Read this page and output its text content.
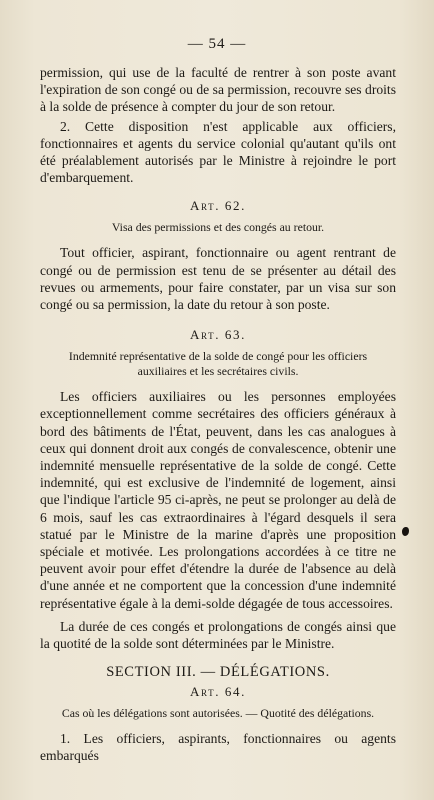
— 54 —

permission, qui use de la faculté de rentrer à son poste avant l'expiration de son congé ou de sa permission, recouvre ses droits à la solde de présence à compter du jour de son retour.

2. Cette disposition n'est applicable aux officiers, fonctionnaires et agents du service colonial qu'autant qu'ils ont été préalablement autorisés par le Ministre à rejoindre le port d'embarquement.

Art. 62.
Visa des permissions et des congés au retour.

Tout officier, aspirant, fonctionnaire ou agent rentrant de congé ou de permission est tenu de se présenter au détail des revues ou armements, pour faire constater, par un visa sur son congé ou sa permission, la date du retour à son poste.

Art. 63.
Indemnité représentative de la solde de congé pour les officiers auxiliaires et les secrétaires civils.

Les officiers auxiliaires ou les personnes employées exceptionnellement comme secrétaires des officiers généraux à bord des bâtiments de l'État, peuvent, dans les cas analogues à ceux qui donnent droit aux congés de convalescence, obtenir une indemnité mensuelle représentative de la solde de congé. Cette indemnité, qui est exclusive de l'indemnité de logement, ainsi que l'indique l'article 95 ci-après, ne peut se prolonger au delà de 6 mois, sauf les cas extraordinaires à l'égard desquels il sera statué par le Ministre de la marine d'après une proposition spéciale et motivée. Les prolongations accordées à ce titre ne peuvent avoir pour effet d'étendre la durée de l'absence au delà d'une année et ne comportent que la concession d'une indemnité représentative égale à la demi-solde dégagée de tous accessoires.

La durée de ces congés et prolongations de congés ainsi que la quotité de la solde sont déterminées par le Ministre.

SECTION III. — DÉLÉGATIONS.
Art. 64.
Cas où les délégations sont autorisées. — Quotité des délégations.

1. Les officiers, aspirants, fonctionnaires ou agents embarqués
